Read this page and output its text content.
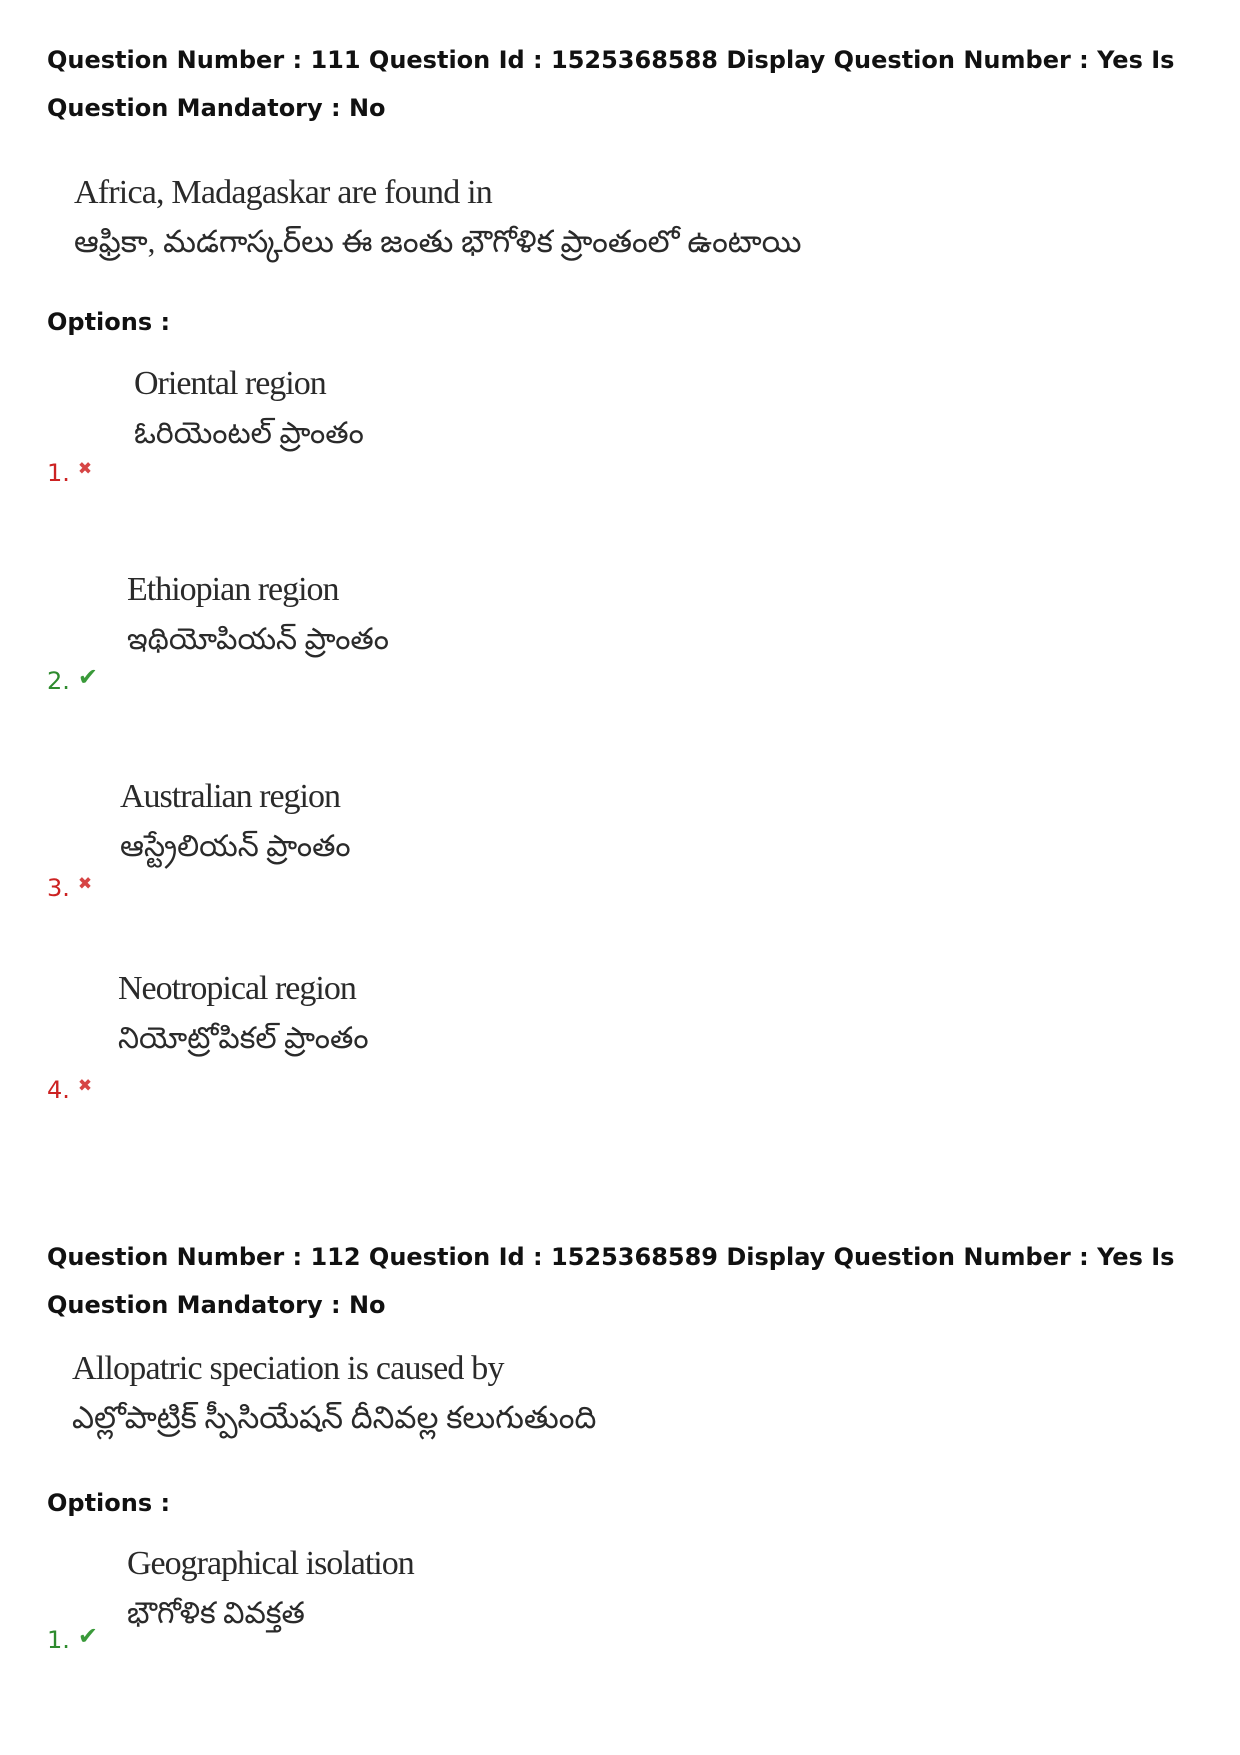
Question Number : 111 Question Id : 1525368588 Display Question Number : Yes Is Question Mandatory : No
Africa, Madagaskar are found in
ఆఫ్రికా, మడగాస్కర్‌లు ఈ జంతు భౌగోళిక ప్రాంతంలో ఉంటాయి
Options :
Oriental region
ఓరియెంటల్ ప్రాంతం
1. ✖
Ethiopian region
ఇథియోపియన్ ప్రాంతం
2. ✔
Australian region
ఆస్ట్రేలియన్ ప్రాంతం
3. ✖
Neotropical region
నియోట్రోపికల్ ప్రాంతం
4. ✖
Question Number : 112 Question Id : 1525368589 Display Question Number : Yes Is Question Mandatory : No
Allopatric speciation is caused by
ఎల్లోపాట్రిక్ స్పీసియేషన్ దీనివల్ల కలుగుతుంది
Options :
Geographical isolation
భౌగోళిక వివక్తత
1. ✔
